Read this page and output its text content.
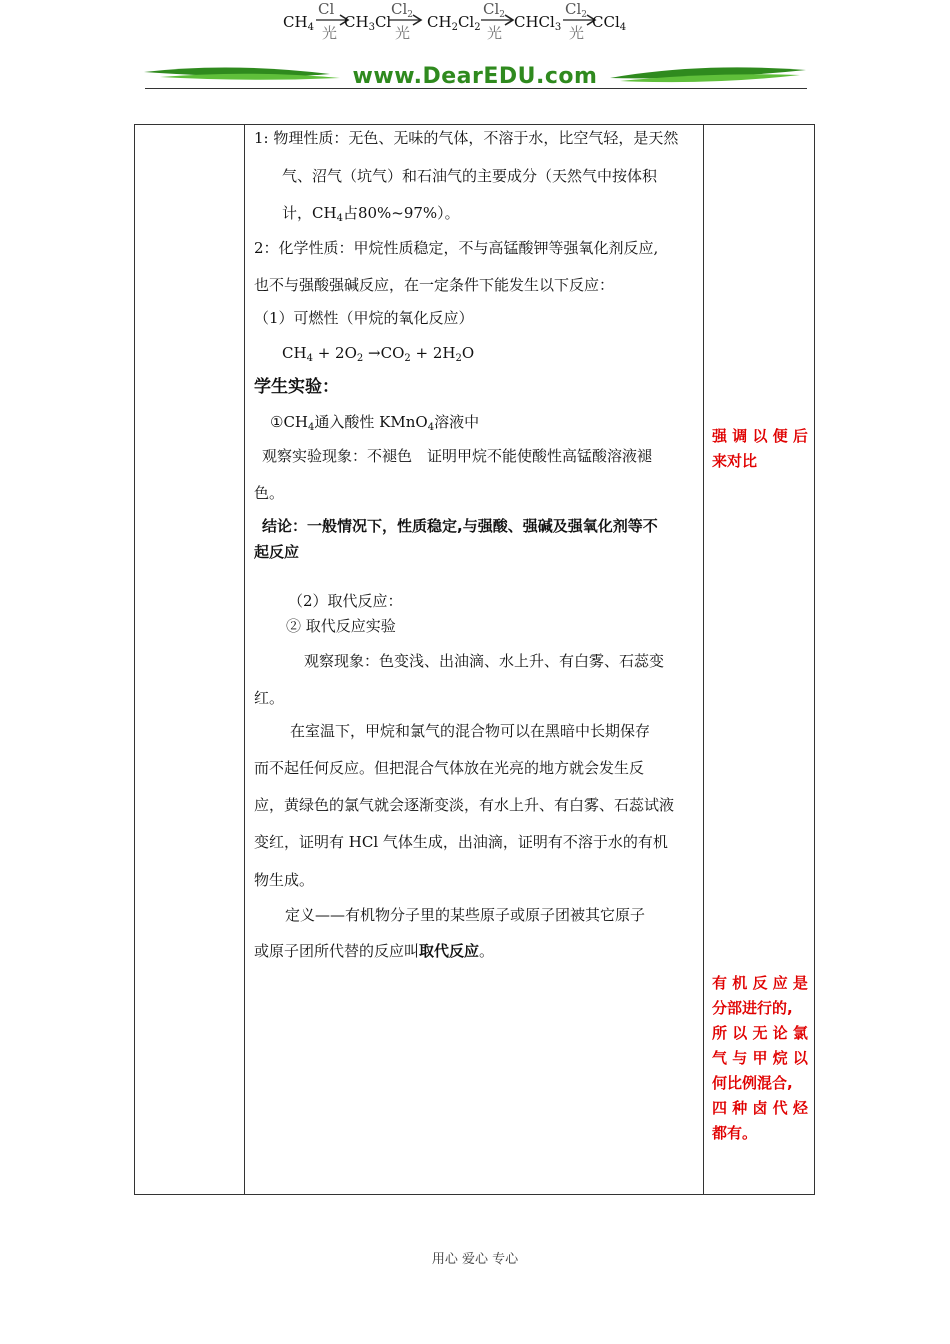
www.DearEDU.com
1: 物理性质：无色、无味的气体，不溶于水，比空气轻，是天然
气、沼气（坑气）和石油气的主要成分（天然气中按体积
计，$CH_4$占80%~97%）。
2：化学性质：甲烷性质稳定，不与高锰酸钾等强氧化剂反应,
也不与强酸强碱反应，在一定条件下能发生以下反应：
（1）可燃性（甲烷的氧化反应）
$CH_4 + 2O_2 \to CO_2 + 2H_2O$
学生实验：
$①CH_4$通入酸性 KMnO$_4$溶液中
观察实验现象：不褪色　证明甲烷不能使酸性高锰酸溶液褪
色。
结论：一般情况下，性质稳定,与强酸、强碱及强氧化剂等不
起反应
（2）取代反应：
② 取代反应实验
观察现象：色变浅、出油滴、水上升、有白雾、石蕊变
红。
在室温下，甲烷和氯气的混合物可以在黑暗中长期保存
而不起任何反应。但把混合气体放在光亮的地方就会发生反
应，黄绿色的氯气就会逐渐变淡，有水上升、有白雾、石蕊试液
变红，证明有 HCl 气体生成，出油滴，证明有不溶于水的有机
物生成。
定义——有机物分子里的某些原子或原子团被其它原子
或原子团所代替的反应叫取代反应。
$CH_4$
Cl
光
$CH_3Cl$
$Cl_2$
光
$CH_2Cl_2$
$Cl_2$
光
CHCl$_3$
$Cl_2$
光
CCl$_4$
强 调 以 便 后
来对比
有 机 反 应 是
分部进行的,
所 以 无 论 氯
气 与 甲 烷 以
何比例混合,
四 种 卤 代 烃
都有。
用心 爱心 专心
